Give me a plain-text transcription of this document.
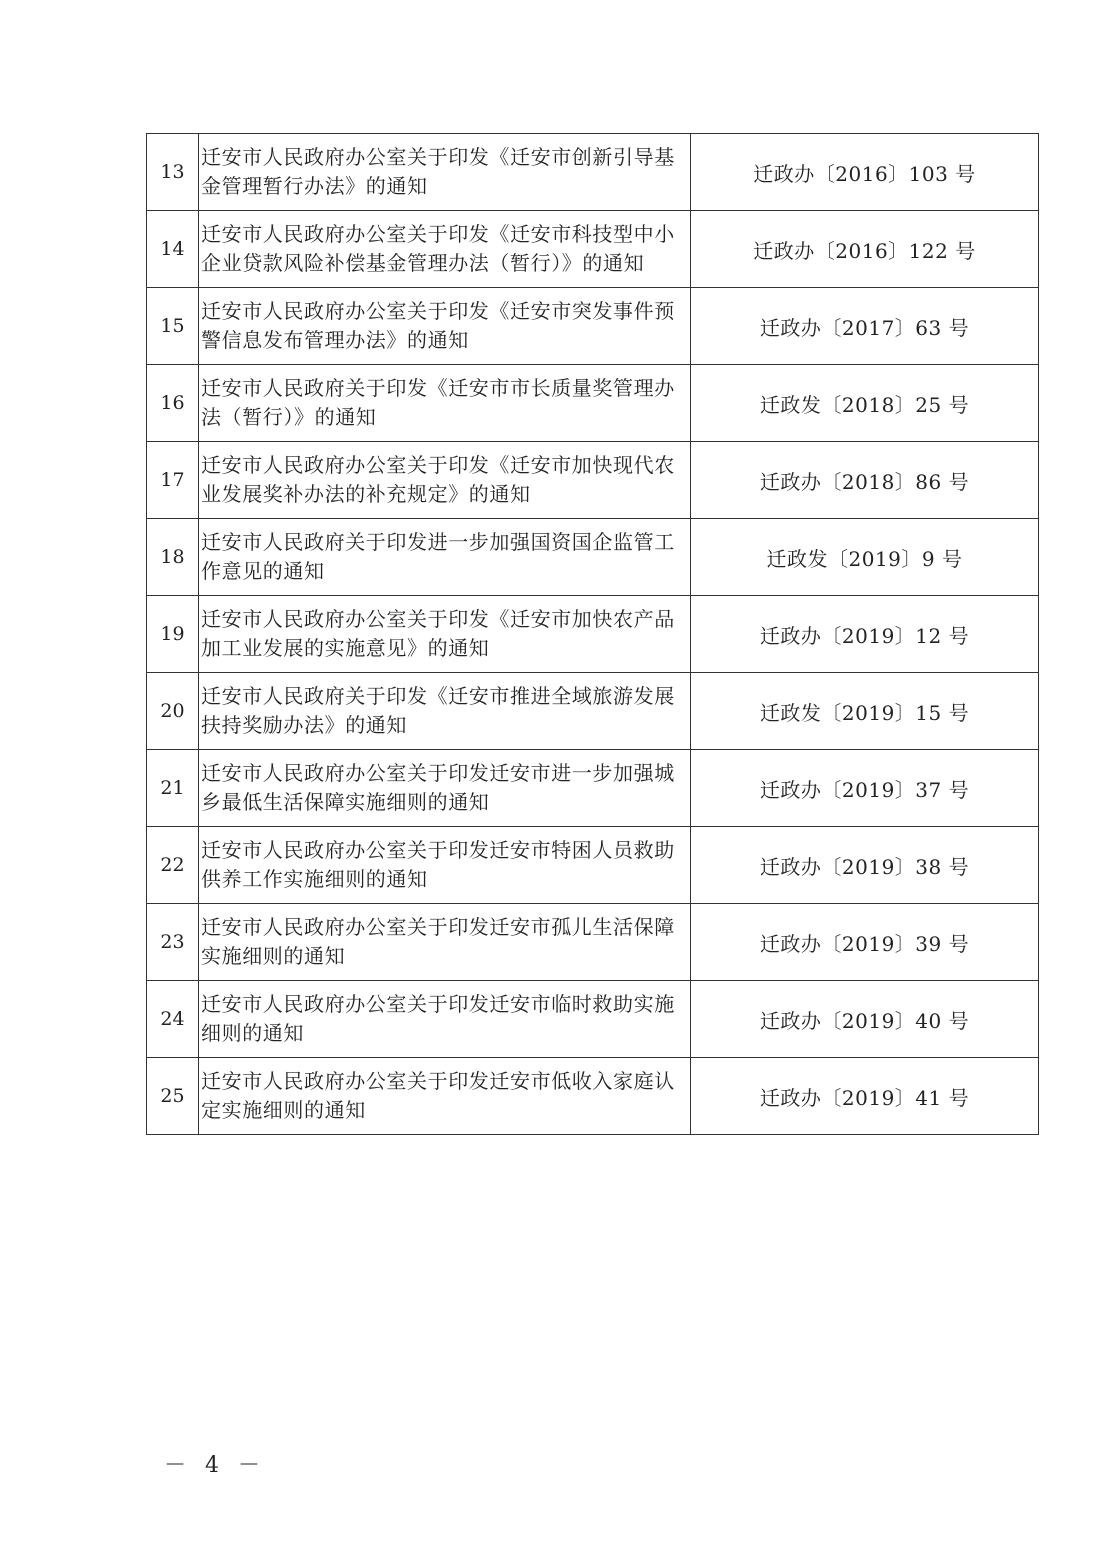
13	迁安市人民政府办公室关于印发《迁安市创新引导基金管理暂行办法》的通知	迁政办〔2016〕103 号
14	迁安市人民政府办公室关于印发《迁安市科技型中小企业贷款风险补偿基金管理办法（暂行）》的通知	迁政办〔2016〕122 号
15	迁安市人民政府办公室关于印发《迁安市突发事件预警信息发布管理办法》的通知	迁政办〔2017〕63 号
16	迁安市人民政府关于印发《迁安市市长质量奖管理办法（暂行）》的通知	迁政发〔2018〕25 号
17	迁安市人民政府办公室关于印发《迁安市加快现代农业发展奖补办法的补充规定》的通知	迁政办〔2018〕86 号
18	迁安市人民政府关于印发进一步加强国资国企监管工作意见的通知	迁政发〔2019〕9 号
19	迁安市人民政府办公室关于印发《迁安市加快农产品加工业发展的实施意见》的通知	迁政办〔2019〕12 号
20	迁安市人民政府关于印发《迁安市推进全域旅游发展扶持奖励办法》的通知	迁政发〔2019〕15 号
21	迁安市人民政府办公室关于印发迁安市进一步加强城乡最低生活保障实施细则的通知	迁政办〔2019〕37 号
22	迁安市人民政府办公室关于印发迁安市特困人员救助供养工作实施细则的通知	迁政办〔2019〕38 号
23	迁安市人民政府办公室关于印发迁安市孤儿生活保障实施细则的通知	迁政办〔2019〕39 号
24	迁安市人民政府办公室关于印发迁安市临时救助实施细则的通知	迁政办〔2019〕40 号
25	迁安市人民政府办公室关于印发迁安市低收入家庭认定实施细则的通知	迁政办〔2019〕41 号
－ 4 －
